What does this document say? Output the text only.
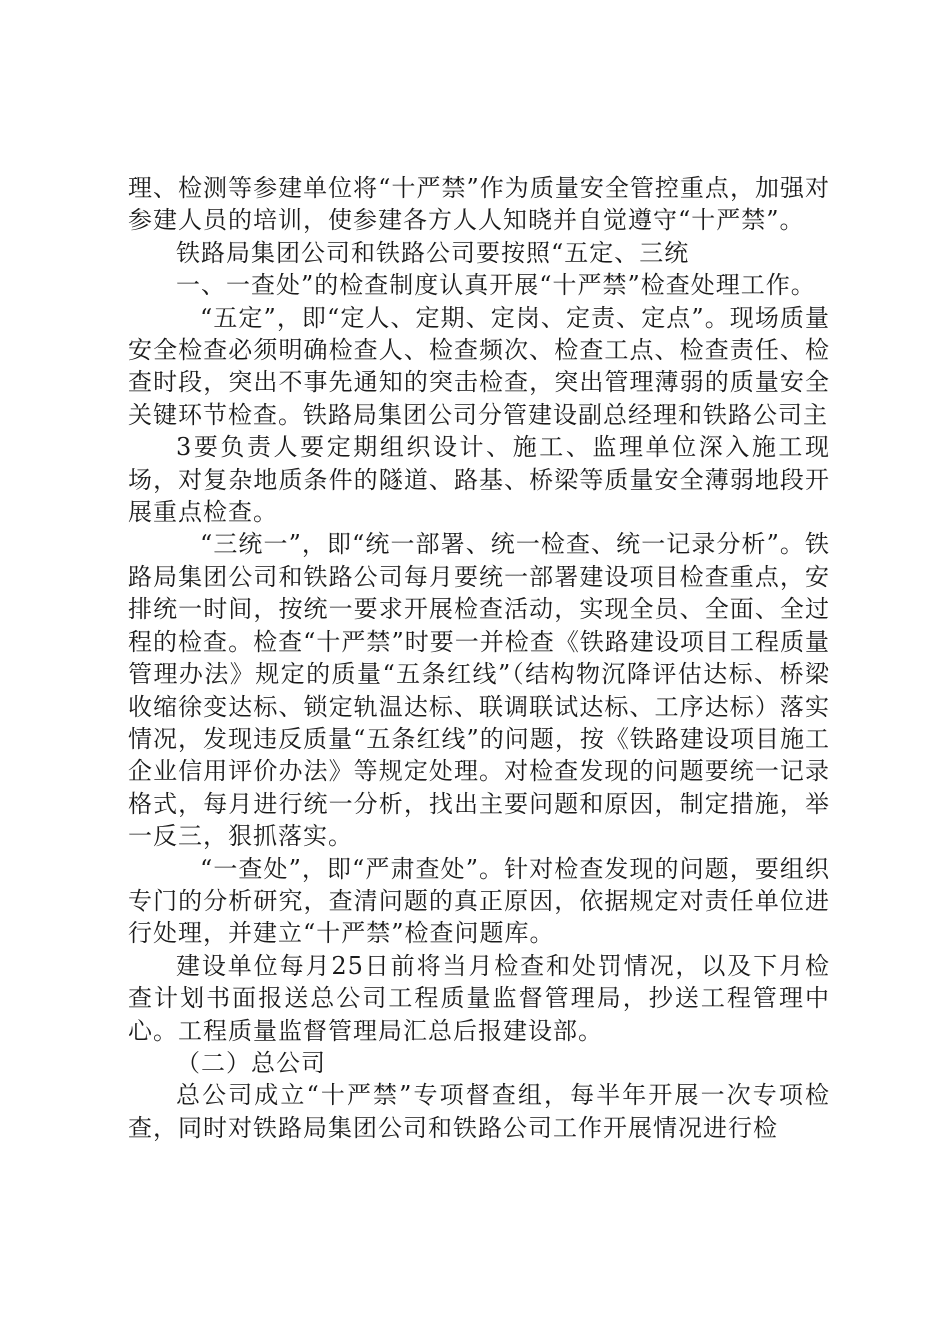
理、检测等参建单位将“十严禁”作为质量安全管控重点，加强对参建人员的培训，使参建各方人人知晓并自觉遵守“十严禁”。

铁路局集团公司和铁路公司要按照“五定、三统

一、一查处”的检查制度认真开展“十严禁”检查处理工作。

“五定”，即“定人、定期、定岗、定责、定点”。现场质量安全检查必须明确检查人、检查频次、检查工点、检查责任、检查时段，突出不事先通知的突击检查，突出管理薄弱的质量安全关键环节检查。铁路局集团公司分管建设副总经理和铁路公司主

3要负责人要定期组织设计、施工、监理单位深入施工现场，对复杂地质条件的隧道、路基、桥梁等质量安全薄弱地段开展重点检查。

“三统一”，即“统一部署、统一检查、统一记录分析”。铁路局集团公司和铁路公司每月要统一部署建设项目检查重点，安排统一时间，按统一要求开展检查活动，实现全员、全面、全过程的检查。检查“十严禁”时要一并检查《铁路建设项目工程质量管理办法》规定的质量“五条红线”（结构物沉降评估达标、桥梁收缩徐变达标、锁定轨温达标、联调联试达标、工序达标）落实情况，发现违反质量“五条红线”的问题，按《铁路建设项目施工企业信用评价办法》等规定处理。对检查发现的问题要统一记录格式，每月进行统一分析，找出主要问题和原因，制定措施，举一反三，狠抓落实。

“一查处”，即“严肃查处”。针对检查发现的问题，要组织专门的分析研究，查清问题的真正原因，依据规定对责任单位进行处理，并建立“十严禁”检查问题库。

建设单位每月25日前将当月检查和处罚情况，以及下月检查计划书面报送总公司工程质量监督管理局，抄送工程管理中心。工程质量监督管理局汇总后报建设部。

（二）总公司

总公司成立“十严禁”专项督查组，每半年开展一次专项检查，同时对铁路局集团公司和铁路公司工作开展情况进行检
